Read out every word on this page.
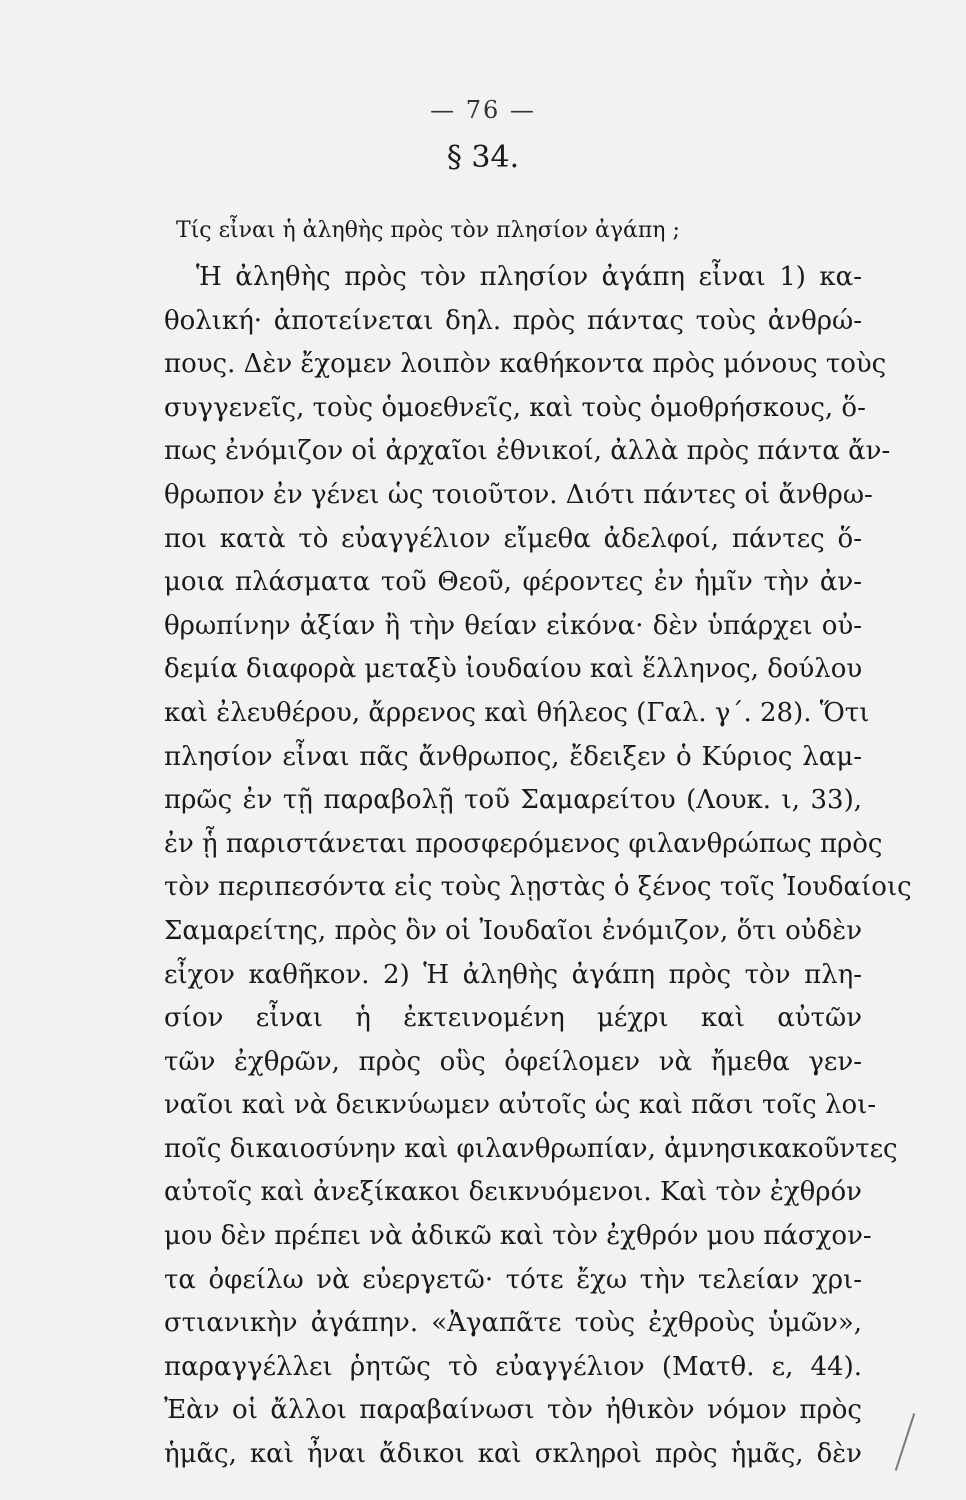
— 76 —
§ 34.
Τίς εἶναι ἡ ἀληθὴς πρὸς τὸν πλησίον ἀγάπη ;
Ἡ ἀληθὴς πρὸς τὸν πλησίον ἀγάπη εἶναι 1) κα-
θολική· ἀποτείνεται δηλ. πρὸς πάντας τοὺς ἀνθρώ-
πους. Δὲν ἔχομεν λοιπὸν καθήκοντα πρὸς μόνους τοὺς
συγγενεῖς, τοὺς ὁμοεθνεῖς, καὶ τοὺς ὁμοθρήσκους, ὅ-
πως ἐνόμιζον οἱ ἀρχαῖοι ἐθνικοί, ἀλλὰ πρὸς πάντα ἄν-
θρωπον ἐν γένει ὡς τοιοῦτον. Διότι πάντες οἱ ἄνθρω-
ποι κατὰ τὸ εὐαγγέλιον εἴμεθα ἀδελφοί, πάντες ὅ-
μοια πλάσματα τοῦ Θεοῦ, φέροντες ἐν ἡμῖν τὴν ἀν-
θρωπίνην ἀξίαν ἢ τὴν θείαν εἰκόνα· δὲν ὑπάρχει οὐ-
δεμία διαφορὰ μεταξὺ ἰουδαίου καὶ ἕλληνος, δούλου
καὶ ἐλευθέρου, ἄρρενος καὶ θήλεος (Γαλ. γ΄. 28). Ὅτι
πλησίον εἶναι πᾶς ἄνθρωπος, ἔδειξεν ὁ Κύριος λαμ-
πρῶς ἐν τῇ παραβολῇ τοῦ Σαμαρείτου (Λουκ. ι, 33),
ἐν ᾗ παριστάνεται προσφερόμενος φιλανθρώπως πρὸς
τὸν περιπεσόντα εἰς τοὺς λῃστὰς ὁ ξένος τοῖς Ἰουδαίοις
Σαμαρείτης, πρὸς ὃν οἱ Ἰουδαῖοι ἐνόμιζον, ὅτι οὐδὲν
εἶχον καθῆκον. 2) Ἡ ἀληθὴς ἀγάπη πρὸς τὸν πλη-
σίον εἶναι ἡ ἐκτεινομένη μέχρι καὶ αὐτῶν
τῶν ἐχθρῶν, πρὸς οὓς ὀφείλομεν νὰ ἤμεθα γεν-
ναῖοι καὶ νὰ δεικνύωμεν αὐτοῖς ὡς καὶ πᾶσι τοῖς λοι-
ποῖς δικαιοσύνην καὶ φιλανθρωπίαν, ἀμνησικακοῦντες
αὐτοῖς καὶ ἀνεξίκακοι δεικνυόμενοι. Καὶ τὸν ἐχθρόν
μου δὲν πρέπει νὰ ἀδικῶ καὶ τὸν ἐχθρόν μου πάσχον-
τα ὀφείλω νὰ εὐεργετῶ· τότε ἔχω τὴν τελείαν χρι-
στιανικὴν ἀγάπην. «Ἀγαπᾶτε τοὺς ἐχθροὺς ὑμῶν»,
παραγγέλλει ῥητῶς τὸ εὐαγγέλιον (Ματθ. ε, 44).
Ἐὰν οἱ ἄλλοι παραβαίνωσι τὸν ἠθικὸν νόμον πρὸς
ἡμᾶς, καὶ ἦναι ἄδικοι καὶ σκληροὶ πρὸς ἡμᾶς, δὲν
